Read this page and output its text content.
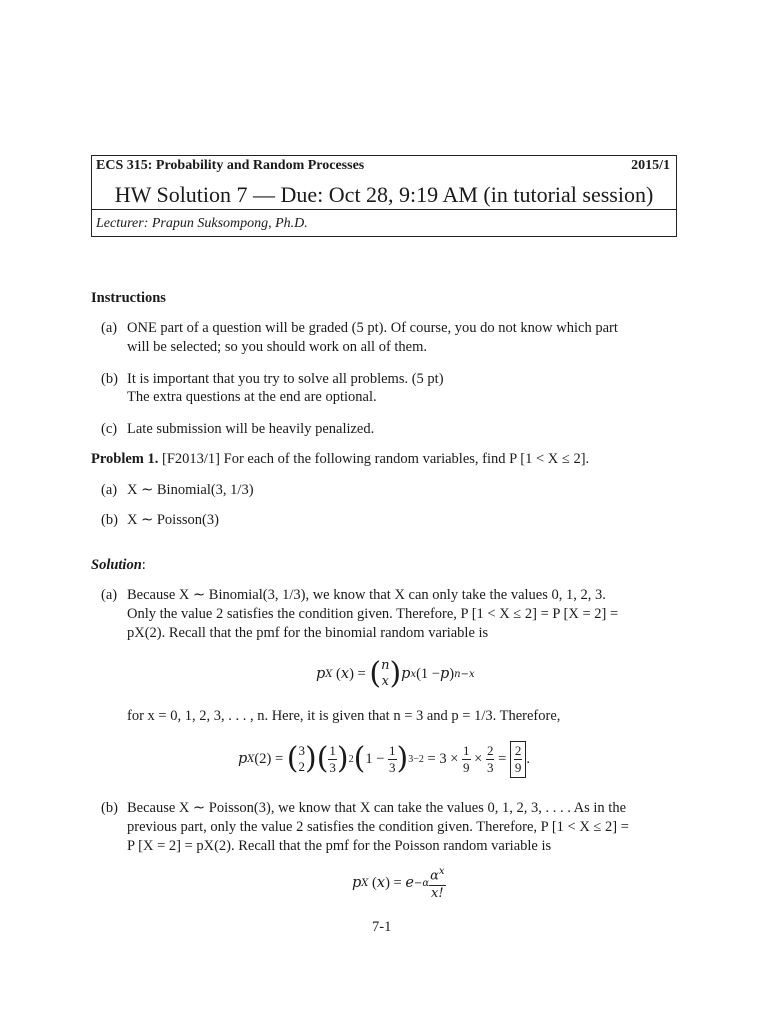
ECS 315: Probability and Random Processes	2015/1
HW Solution 7 — Due: Oct 28, 9:19 AM (in tutorial session)
Lecturer: Prapun Suksompong, Ph.D.
Instructions
(a) ONE part of a question will be graded (5 pt). Of course, you do not know which part
will be selected; so you should work on all of them.
(b) It is important that you try to solve all problems. (5 pt)
The extra questions at the end are optional.
(c) Late submission will be heavily penalized.
Problem 1. [F2013/1] For each of the following random variables, find P [1 < X ≤ 2].
(a) X ∼ Binomial(3, 1/3)
(b) X ∼ Poisson(3)
Solution:
(a) Because X ∼ Binomial(3, 1/3), we know that X can only take the values 0, 1, 2, 3.
Only the value 2 satisfies the condition given. Therefore, P [1 < X ≤ 2] = P [X = 2] =
pX(2). Recall that the pmf for the binomial random variable is
p X ( x ) = ( n
x ) p x (1 − p ) n−x
for x = 0, 1, 2, 3, . . . , n. Here, it is given that n = 3 and p = 1/3. Therefore,
p X (2) = ( 3
2 ) ( $\frac{1}{3}$ ) 2 ( $1 - \frac{1}{3}$ ) $3-2 = 3 \times \frac{1}{9} \times \frac{2}{3} = \frac{2}{9}$ .
(b) Because X ∼ Poisson(3), we know that X can take the values 0, 1, 2, 3, . . . . As in the
previous part, only the value 2 satisfies the condition given. Therefore, P [1 < X ≤ 2] =
P [X = 2] = pX(2). Recall that the pmf for the Poisson random variable is
p X ( x ) = $e -\alpha \frac{\alpha^x}{x!}$
7-1
